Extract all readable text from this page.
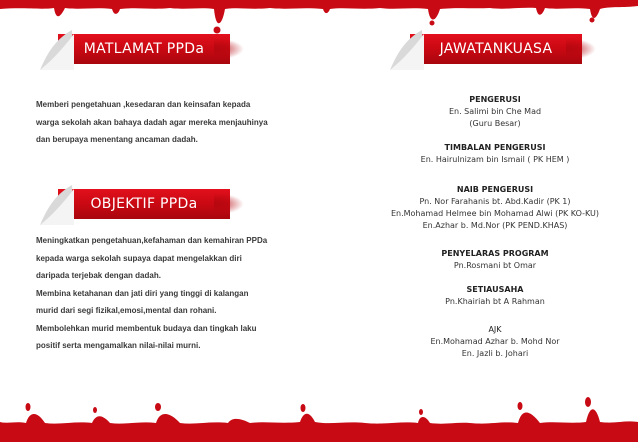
MATLAMAT PPDa

Memberi pengetahuan ,kesedaran dan keinsafan kepada

warga sekolah akan bahaya dadah agar mereka menjauhinya

dan berupaya menentang ancaman dadah.

OBJEKTIF PPDa

Meningkatkan pengetahuan,kefahaman dan kemahiran PPDa

kepada warga sekolah supaya dapat mengelakkan diri

daripada terjebak dengan dadah.

Membina ketahanan dan jati diri yang tinggi di kalangan

murid dari segi fizikal,emosi,mental dan rohani.

Membolehkan murid membentuk budaya dan tingkah laku

positif serta mengamalkan nilai-nilai murni.

JAWATANKUASA
PENGERUSI
En. Salimi bin Che Mad
(Guru Besar)
TIMBALAN PENGERUSI
En. Hairulnizam bin Ismail ( PK HEM )
NAIB PENGERUSI
Pn. Nor Farahanis bt. Abd.Kadir (PK 1)
En.Mohamad Helmee bin Mohamad Alwi (PK KO-KU)
En.Azhar b. Md.Nor (PK PEND.KHAS)
PENYELARAS PROGRAM
Pn.Rosmani bt Omar
SETIAUSAHA
Pn.Khairiah bt A Rahman
AJK
En.Mohamad Azhar b. Mohd Nor
En. Jazli b. Johari
